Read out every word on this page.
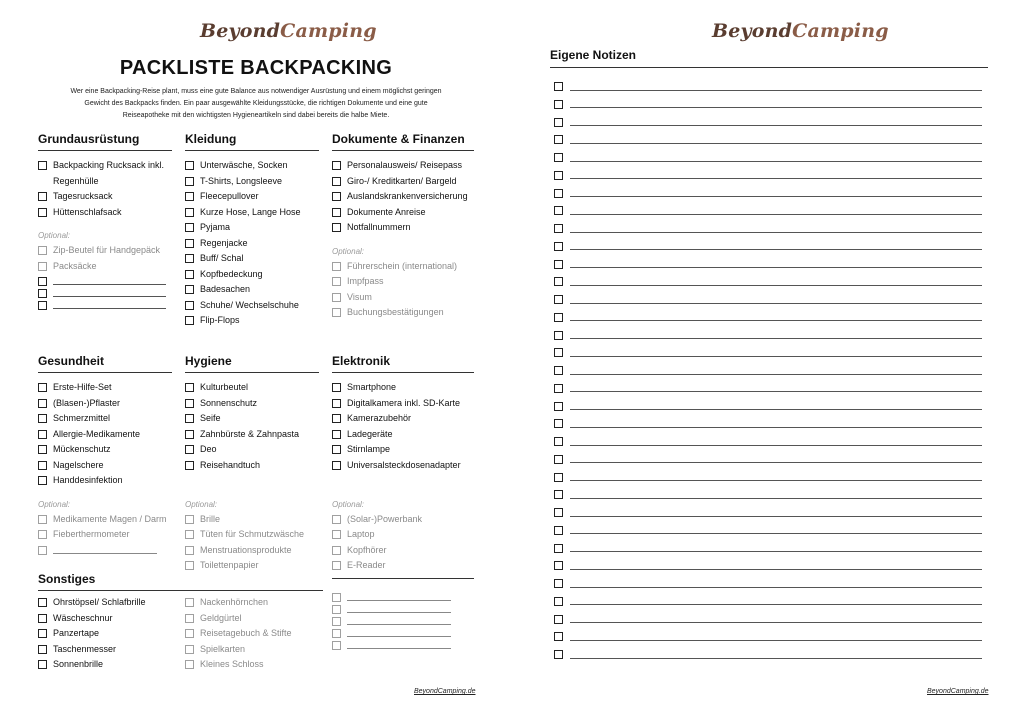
BeyondCamping
PACKLISTE BACKPACKING
Wer eine Backpacking-Reise plant, muss eine gute Balance aus notwendiger Ausrüstung und einem möglichst geringen Gewicht des Backpacks finden. Ein paar ausgewählte Kleidungsstücke, die richtigen Dokumente und eine gute Reiseapotheke mit den wichtigsten Hygieneartikeln sind dabei bereits die halbe Miete.
Grundausrüstung
Backpacking Rucksack inkl. Regenhülle
Tagesrucksack
Hüttenschlafsack
Optional:
Zip-Beutel für Handgepäck
Packsäcke
Kleidung
Unterwäsche, Socken
T-Shirts, Longsleeve
Fleecepullover
Kurze Hose, Lange Hose
Pyjama
Regenjacke
Buff/ Schal
Kopfbedeckung
Badesachen
Schuhe/ Wechselschuhe
Flip-Flops
Dokumente & Finanzen
Personalausweis/ Reisepass
Giro-/ Kreditkarten/ Bargeld
Auslandskrankenversicherung
Dokumente Anreise
Notfallnummern
Optional:
Führerschein (international)
Impfpass
Visum
Buchungsbestätigungen
Gesundheit
Erste-Hilfe-Set
(Blasen-)Pflaster
Schmerzmittel
Allergie-Medikamente
Mückenschutz
Nagelschere
Handdesinfektion
Optional:
Medikamente Magen / Darm
Fieberthermometer
Hygiene
Kulturbeutel
Sonnenschutz
Seife
Zahnbürste & Zahnpasta
Deo
Reisehandtuch
Optional:
Brille
Tüten für Schmutzwäsche
Menstruationsprodukte
Toilettenpapier
Elektronik
Smartphone
Digitalkamera inkl. SD-Karte
Kamerazubehör
Ladegeräte
Stirnlampe
Universalsteckdosenadapter
Optional:
(Solar-)Powerbank
Laptop
Kopfhörer
E-Reader
Sonstiges
Ohrstöpsel/ Schlafbrille
Wäscheschnur
Panzertape
Taschenmesser
Sonnenbrille
Nackenhörnchen
Geldgürtel
Reisetagebuch & Stifte
Spielkarten
Kleines Schloss
BeyondCamping.de
BeyondCamping
Eigene Notizen
BeyondCamping.de
